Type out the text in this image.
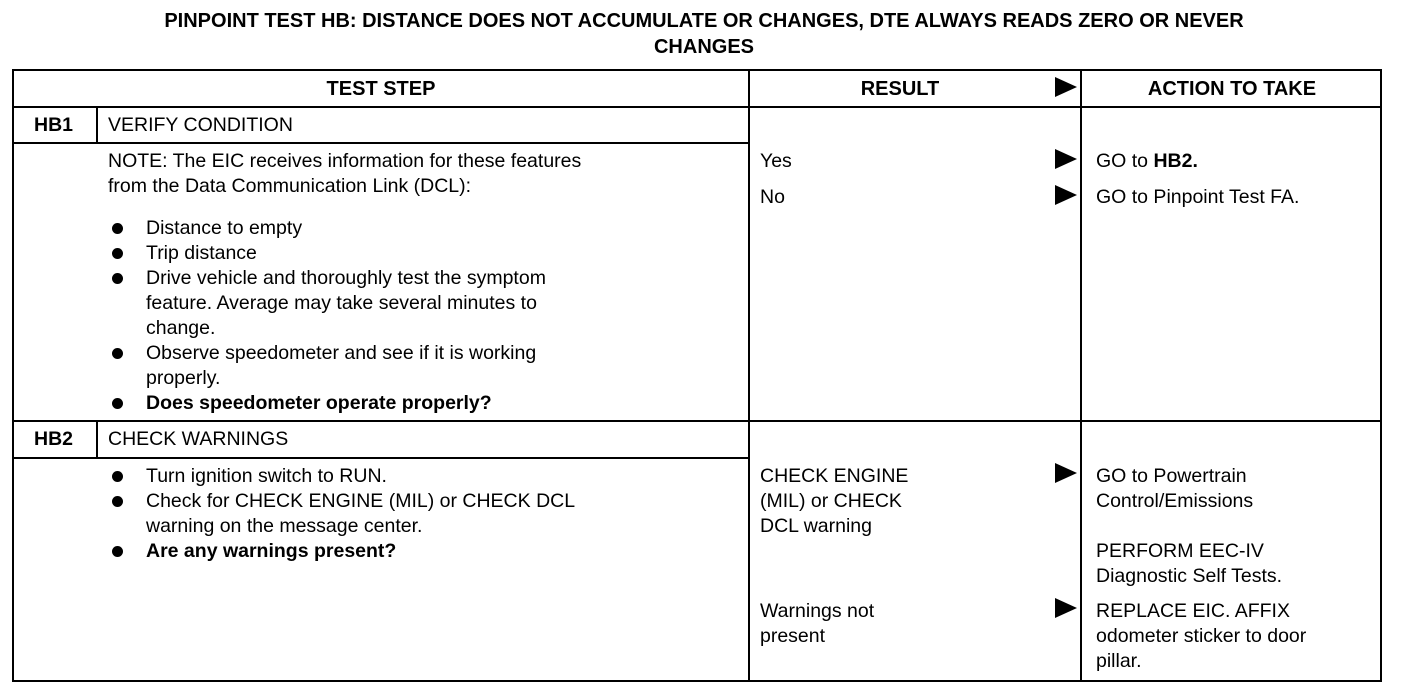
PINPOINT TEST HB: DISTANCE DOES NOT ACCUMULATE OR CHANGES, DTE ALWAYS READS ZERO OR NEVER
CHANGES
TEST STEP	RESULT	ACTION TO TAKE
HB1 VERIFY CONDITION
NOTE: The EIC receives information for these features
from the Data Communication Link (DCL):
Distance to empty
Trip distance
Drive vehicle and thoroughly test the symptom
feature. Average may take several minutes to
change.
Observe speedometer and see if it is working
properly.
Does speedometer operate properly?
Yes
No
GO to HB2.
GO to Pinpoint Test FA.
HB2 CHECK WARNINGS
Turn ignition switch to RUN.
Check for CHECK ENGINE (MIL) or CHECK DCL
warning on the message center.
Are any warnings present?
CHECK ENGINE
(MIL) or CHECK
DCL warning
GO to Powertrain
Control/Emissions
PERFORM EEC-IV
Diagnostic Self Tests.
Warnings not
present
REPLACE EIC. AFFIX
odometer sticker to door
pillar.
